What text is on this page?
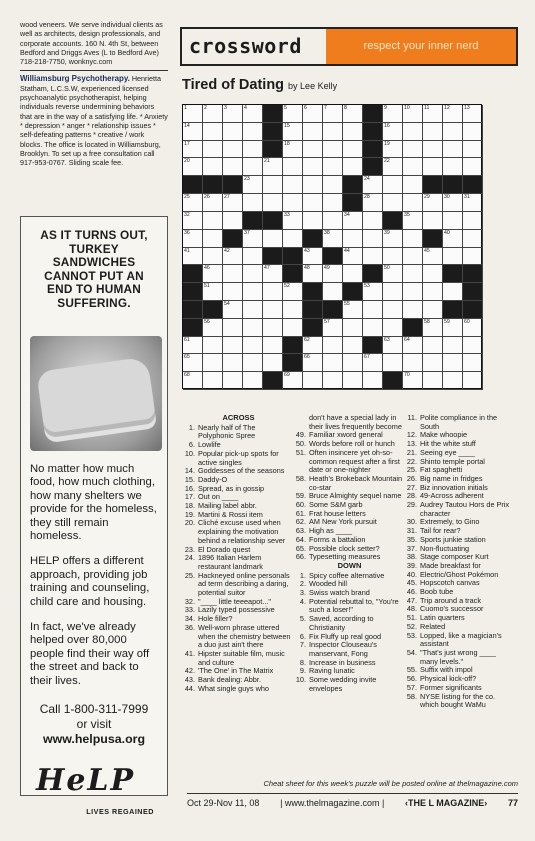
wood veneers. We serve individual clients as well as architects, design professionals, and corporate accounts. 160 N. 4th St, between Bedford and Driggs Aves (L to Bedford Ave) 718-218-7750, wonknyc.com
Williamsburg Psychotherapy. Henrietta Statham, L.C.S.W, experienced licensed psychoanalytic psychotherapist, helping individuals reverse undermining behaviors that are in the way of a satisfying life. * Anxiety * depression * anger * relationship issues * self-defeating patterns * creative / work blocks. The office is located in Williamsburg, Brooklyn. To set up a free consultation call 917-953-0767. Sliding scale fee.
AS IT TURNS OUT, TURKEY SANDWICHES CANNOT PUT AN END TO HUMAN SUFFERING.

No matter how much food, how much clothing, how many shelters we provide for the homeless, they still remain homeless.

HELP offers a different approach, providing job training and counseling, child care and housing.

In fact, we've already helped over 80,000 people find their way off the street and back to their lives.

Call 1-800-311-7999
or visit
www.helpusa.org
HeLP
LIVES REGAINED
crossword	respect your inner nerd
Tired of Dating by Lee Kelly
1	2	3	4	5	6	7	8	9	10	11	12	13
14	15	16
17	18	19
20	21	22
23	24
25	26	27	28	29	30	31
32	33	34	35
36	37	38	39	40
41	42	43	44	45
46	47	48	49	50
51	52	53
54	55
56	57	58	59	60
61	62	63	64
65	66	67
68	69	70
ACROSS
1. Nearly half of The Polyphonic Spree
6. Lowlife
10. Popular pick-up spots for active singles
14. Goddesses of the seasons
15. Daddy-O
16. Spread, as in gossip
17. Out on ____
18. Mailing label abbr.
19. Martini & Rossi item
20. Cliché excuse used when explaining the motivation behind a relationship sever
23. El Dorado quest
24. 1896 Italian Harlem restaurant landmark
25. Hackneyed online personals ad term describing a daring, potential suitor
32. "____ little teeeapot..."
33. Lazily typed possessive
34. Hole filler?
36. Well-worn phrase uttered when the chemistry between a duo just ain't there
41. Hipster suitable film, music and culture
42. 'The One' in The Matrix
43. Bank dealing: Abbr.
44. What single guys who
don't have a special lady in their lives frequently become
49. Familiar xword general
50. Words before roll or hunch
51. Often insincere yet oh-so-common request after a first date or one-nighter
58. Heath's Brokeback Mountain co-star
59. Bruce Almighty sequel name
60. Some S&M garb
61. Frat house letters
62. AM New York pursuit
63. High as ____
64. Forms a battalion
65. Possible clock setter?
66. Typesetting measures
DOWN
1. Spicy coffee alternative
2. Wooded hill
3. Swiss watch brand
4. Potential rebuttal to, "You're such a loser!"
5. Saved, according to Christianity
6. Fix Fluffy up real good
7. Inspector Clouseau's manservant, Fong
8. Increase in business
9. Raving lunatic
10. Some wedding invite envelopes
11. Polite compliance in the South
12. Make whoopie
13. Hit the white stuff
21. Seeing eye ____
22. Shinto temple portal
25. Fat spaghetti
26. Big name in fridges
27. Biz innovation initials
28. 49-Across adherent
29. Audrey Tautou Hors de Prix character
30. Extremely, to Gino
31. Tail for rear?
35. Sports junkie station
37. Non-fluctuating
38. Stage composer Kurt
39. Made breakfast for
40. Electric/Ghost Pokémon
45. Hopscotch canvas
46. Boob tube
47. Trip around a track
48. Cuomo's successor
51. Latin quarters
52. Related
53. Lopped, like a magician's assistant
54. "That's just wrong ____ many levels."
55. Suffix with impol
56. Physical kick-off?
57. Former significants
58. NYSE listing for the co. which bought WaMu
Cheat sheet for this week's puzzle will be posted online at thelmagazine.com
Oct 29-Nov 11, 08 | www.thelmagazine.com | ‹THE L MAGAZINE› 77
